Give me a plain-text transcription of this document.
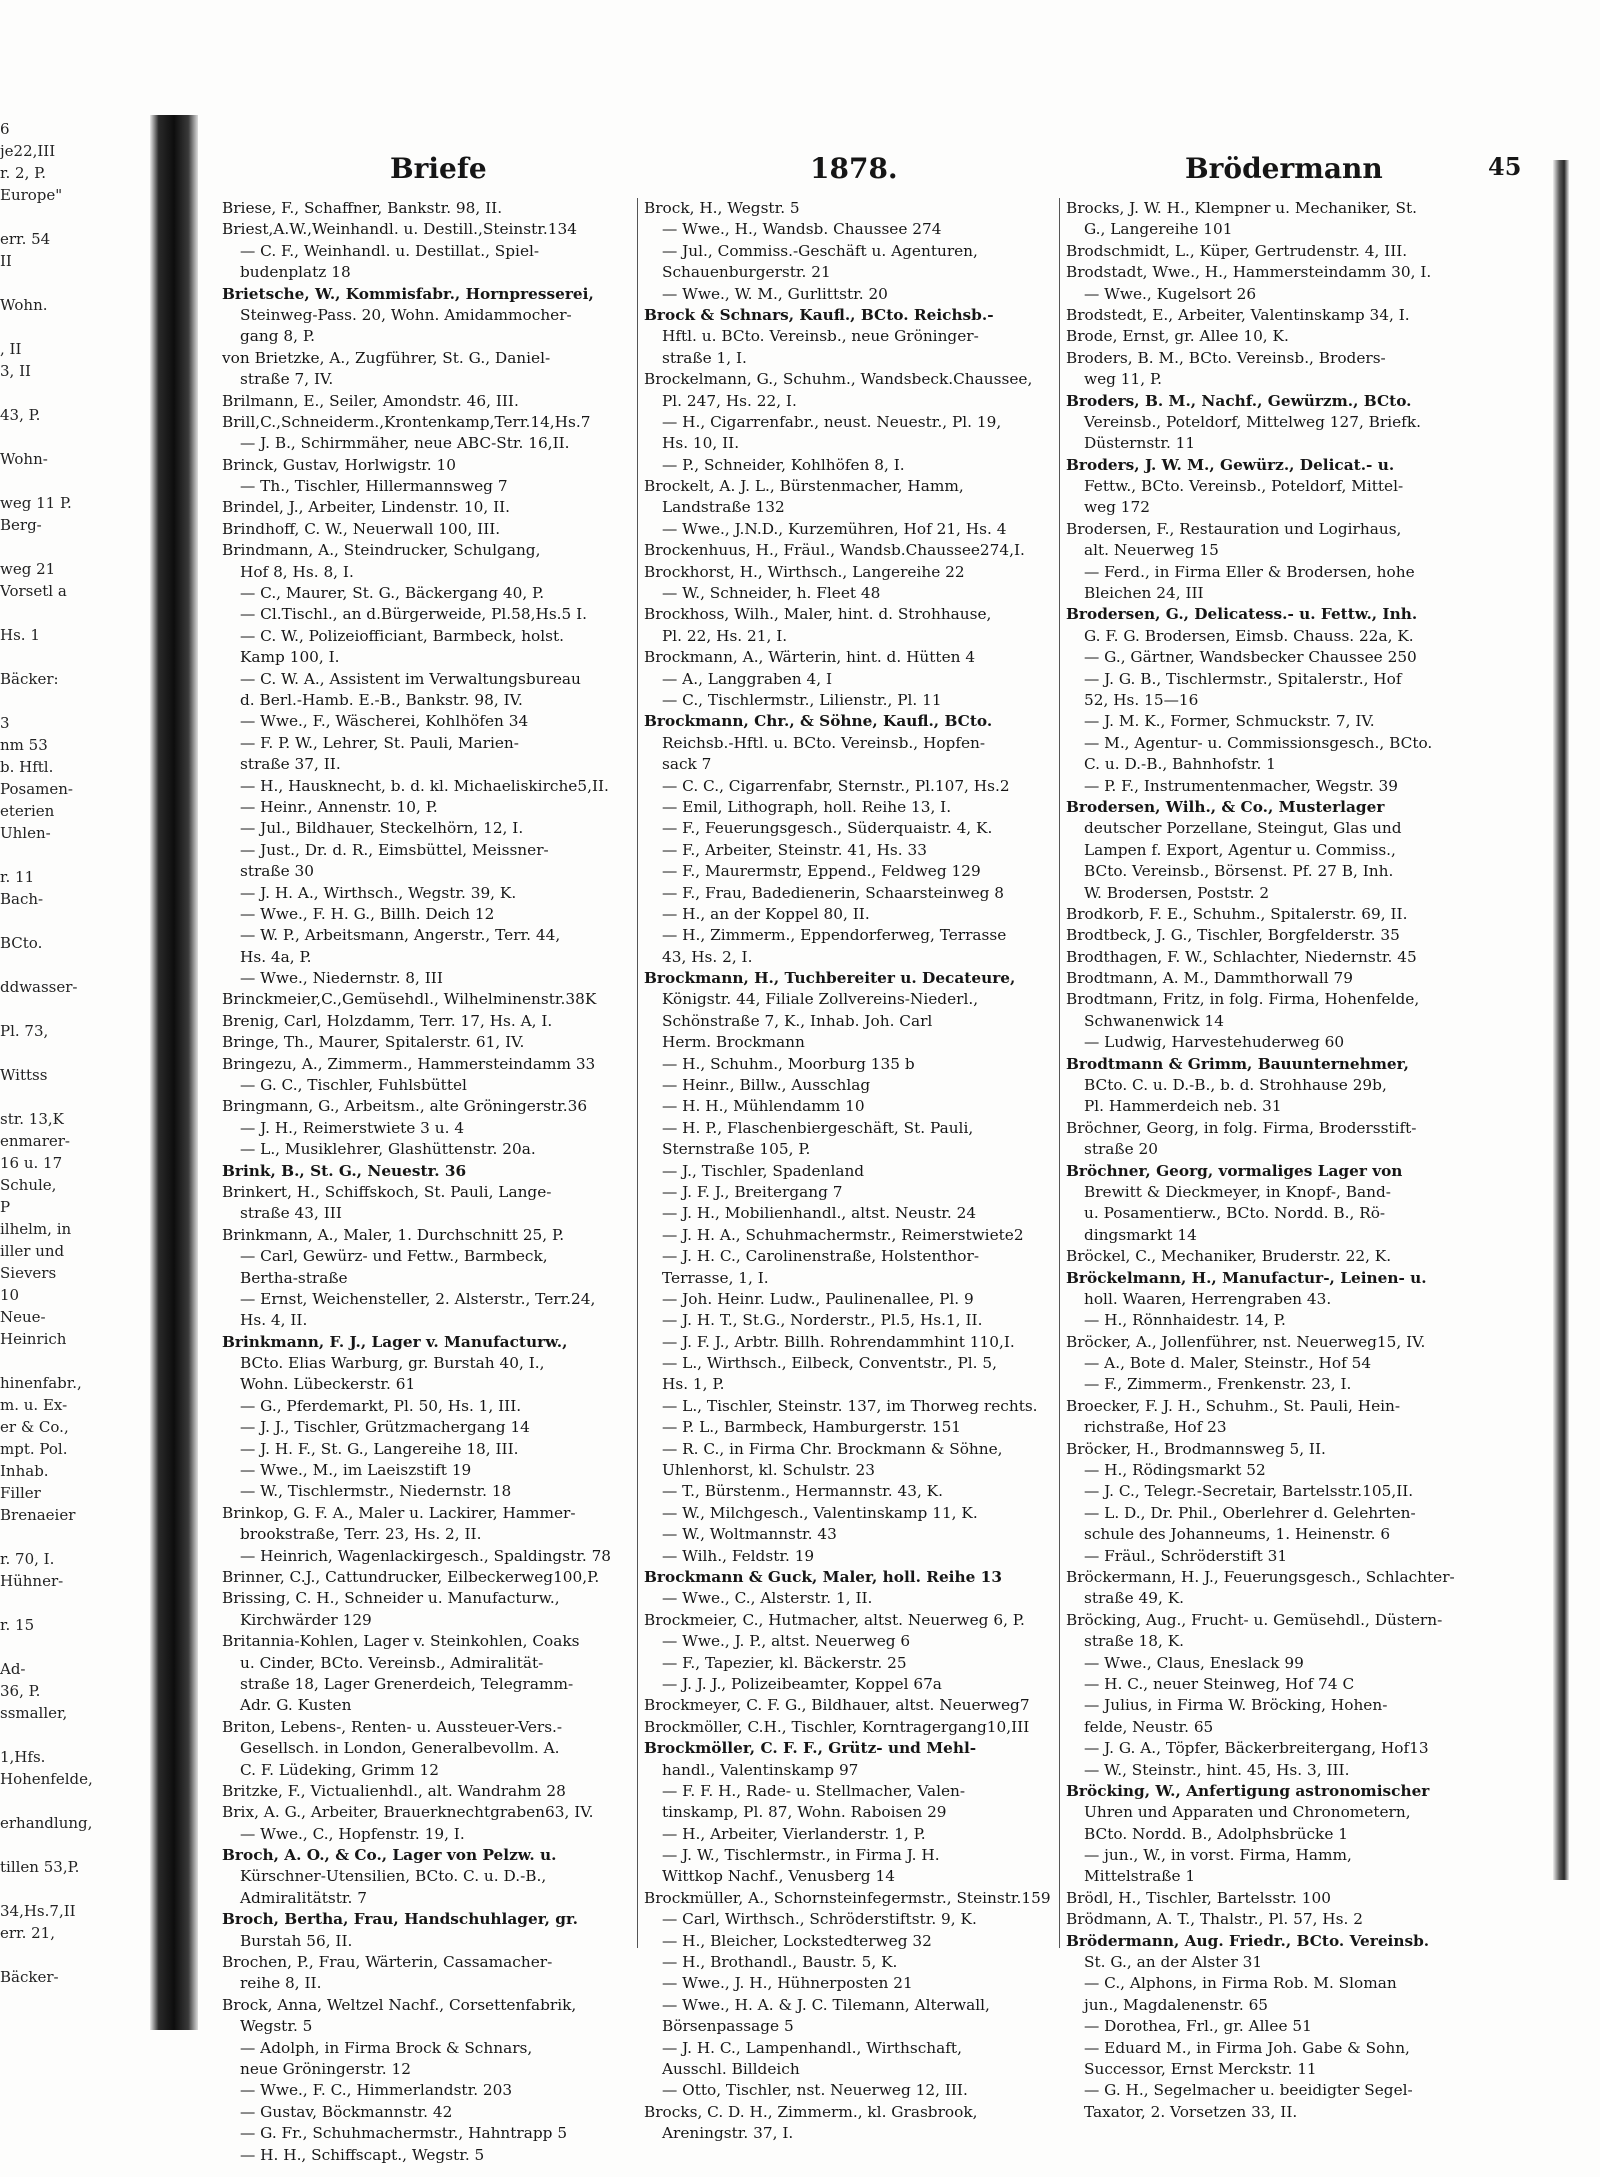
6
je22,III
r. 2, P.
Europe"
err. 54
II
Wohn.
, II
3, II
43, P.
Wohn-
weg 11 P.
Berg-
weg 21
Vorsetl a
Hs. 1
Bäcker:
3
nm 53
b. Hftl.
Posamen-
eterien
Uhlen-
r. 11
Bach-
BCto.
ddwasser-
Pl. 73,
Wittss
str. 13,K
enmarer-
16 u. 17
Schule,
P
ilhelm, in
iller und
Sievers
10
Neue-
Heinrich
hinenfabr.,
m. u. Ex-
er & Co.,
mpt. Pol.
Inhab.
Filler
Brenaeier
r. 70, I.
Hühner-
r. 15
Ad-
36, P.
ssmaller,
1,Hfs.
Hohenfelde,
erhandlung,
tillen 53,P.
34,Hs.7,II
err. 21,
Bäcker-
Briefe	1878.	Brödermann	45
Briese, F., Schaffner, Bankstr. 98, II.
Briest,A.W.,Weinhandl. u. Destill.,Steinstr.134
— C. F., Weinhandl. u. Destillat., Spiel-
budenplatz 18
Brietsche, W., Kommisfabr., Hornpresserei,
Steinweg-Pass. 20, Wohn. Amidammocher-
gang 8, P.
von Brietzke, A., Zugführer, St. G., Daniel-
straße 7, IV.
Brilmann, E., Seiler, Amondstr. 46, III.
Brill,C.,Schneiderm.,Krontenkamp,Terr.14,Hs.7
— J. B., Schirmmäher, neue ABC-Str. 16,II.
Brinck, Gustav, Horlwigstr. 10
— Th., Tischler, Hillermannsweg 7
Brindel, J., Arbeiter, Lindenstr. 10, II.
Brindhoff, C. W., Neuerwall 100, III.
Brindmann, A., Steindrucker, Schulgang,
Hof 8, Hs. 8, I.
— C., Maurer, St. G., Bäckergang 40, P.
— Cl.Tischl., an d.Bürgerweide, Pl.58,Hs.5 I.
— C. W., Polizeiofficiant, Barmbeck, holst.
Kamp 100, I.
— C. W. A., Assistent im Verwaltungsbureau
d. Berl.-Hamb. E.-B., Bankstr. 98, IV.
— Wwe., F., Wäscherei, Kohlhöfen 34
— F. P. W., Lehrer, St. Pauli, Marien-
straße 37, II.
— H., Hausknecht, b. d. kl. Michaeliskirche5,II.
— Heinr., Annenstr. 10, P.
— Jul., Bildhauer, Steckelhörn, 12, I.
— Just., Dr. d. R., Eimsbüttel, Meissner-
straße 30
— J. H. A., Wirthsch., Wegstr. 39, K.
— Wwe., F. H. G., Billh. Deich 12
— W. P., Arbeitsmann, Angerstr., Terr. 44,
Hs. 4a, P.
— Wwe., Niedernstr. 8, III
Brinckmeier,C.,Gemüsehdl., Wilhelminenstr.38K
Brenig, Carl, Holzdamm, Terr. 17, Hs. A, I.
Bringe, Th., Maurer, Spitalerstr. 61, IV.
Bringezu, A., Zimmerm., Hammersteindamm 33
— G. C., Tischler, Fuhlsbüttel
Bringmann, G., Arbeitsm., alte Gröningerstr.36
— J. H., Reimerstwiete 3 u. 4
— L., Musiklehrer, Glashüttenstr. 20a.
Brink, B., St. G., Neuestr. 36
Brinkert, H., Schiffskoch, St. Pauli, Lange-
straße 43, III
Brinkmann, A., Maler, 1. Durchschnitt 25, P.
— Carl, Gewürz- und Fettw., Barmbeck,
Bertha-straße
— Ernst, Weichensteller, 2. Alsterstr., Terr.24,
Hs. 4, II.
Brinkmann, F. J., Lager v. Manufacturw.,
BCto. Elias Warburg, gr. Burstah 40, I.,
Wohn. Lübeckerstr. 61
— G., Pferdemarkt, Pl. 50, Hs. 1, III.
— J. J., Tischler, Grützmachergang 14
— J. H. F., St. G., Langereihe 18, III.
— Wwe., M., im Laeiszstift 19
— W., Tischlermstr., Niedernstr. 18
Brinkop, G. F. A., Maler u. Lackirer, Hammer-
brookstraße, Terr. 23, Hs. 2, II.
— Heinrich, Wagenlackirgesch., Spaldingstr. 78
Brinner, C.J., Cattundrucker, Eilbeckerweg100,P.
Brissing, C. H., Schneider u. Manufacturw.,
Kirchwärder 129
Britannia-Kohlen, Lager v. Steinkohlen, Coaks
u. Cinder, BCto. Vereinsb., Admiralität-
straße 18, Lager Grenerdeich, Telegramm-
Adr. G. Kusten
Briton, Lebens-, Renten- u. Aussteuer-Vers.-
Gesellsch. in London, Generalbevollm. A.
C. F. Lüdeking, Grimm 12
Britzke, F., Victualienhdl., alt. Wandrahm 28
Brix, A. G., Arbeiter, Brauerknechtgraben63, IV.
— Wwe., C., Hopfenstr. 19, I.
Broch, A. O., & Co., Lager von Pelzw. u.
Kürschner-Utensilien, BCto. C. u. D.-B.,
Admiralitätstr. 7
Broch, Bertha, Frau, Handschuhlager, gr.
Burstah 56, II.
Brochen, P., Frau, Wärterin, Cassamacher-
reihe 8, II.
Brock, Anna, Weltzel Nachf., Corsettenfabrik,
Wegstr. 5
— Adolph, in Firma Brock & Schnars,
neue Gröningerstr. 12
— Wwe., F. C., Himmerlandstr. 203
— Gustav, Böckmannstr. 42
— G. Fr., Schuhmachermstr., Hahntrapp 5
— H. H., Schiffscapt., Wegstr. 5
Brock, H., Wegstr. 5
— Wwe., H., Wandsb. Chaussee 274
— Jul., Commiss.-Geschäft u. Agenturen,
Schauenburgerstr. 21
— Wwe., W. M., Gurlittstr. 20
Brock & Schnars, Kaufl., BCto. Reichsb.-
Hftl. u. BCto. Vereinsb., neue Gröninger-
straße 1, I.
Brockelmann, G., Schuhm., Wandsbeck.Chaussee,
Pl. 247, Hs. 22, I.
— H., Cigarrenfabr., neust. Neuestr., Pl. 19,
Hs. 10, II.
— P., Schneider, Kohlhöfen 8, I.
Brockelt, A. J. L., Bürstenmacher, Hamm,
Landstraße 132
— Wwe., J.N.D., Kurzemühren, Hof 21, Hs. 4
Brockenhuus, H., Fräul., Wandsb.Chaussee274,I.
Brockhorst, H., Wirthsch., Langereihe 22
— W., Schneider, h. Fleet 48
Brockhoss, Wilh., Maler, hint. d. Strohhause,
Pl. 22, Hs. 21, I.
Brockmann, A., Wärterin, hint. d. Hütten 4
— A., Langgraben 4, I
— C., Tischlermstr., Lilienstr., Pl. 11
Brockmann, Chr., & Söhne, Kaufl., BCto.
Reichsb.-Hftl. u. BCto. Vereinsb., Hopfen-
sack 7
— C. C., Cigarrenfabr, Sternstr., Pl.107, Hs.2
— Emil, Lithograph, holl. Reihe 13, I.
— F., Feuerungsgesch., Süderquaistr. 4, K.
— F., Arbeiter, Steinstr. 41, Hs. 33
— F., Maurermstr, Eppend., Feldweg 129
— F., Frau, Badedienerin, Schaarsteinweg 8
— H., an der Koppel 80, II.
— H., Zimmerm., Eppendorferweg, Terrasse
43, Hs. 2, I.
Brockmann, H., Tuchbereiter u. Decateure,
Königstr. 44, Filiale Zollvereins-Niederl.,
Schönstraße 7, K., Inhab. Joh. Carl
Herm. Brockmann
— H., Schuhm., Moorburg 135 b
— Heinr., Billw., Ausschlag
— H. H., Mühlendamm 10
— H. P., Flaschenbiergeschäft, St. Pauli,
Sternstraße 105, P.
— J., Tischler, Spadenland
— J. F. J., Breitergang 7
— J. H., Mobilienhandl., altst. Neustr. 24
— J. H. A., Schuhmachermstr., Reimerstwiete2
— J. H. C., Carolinenstraße, Holstenthor-
Terrasse, 1, I.
— Joh. Heinr. Ludw., Paulinenallee, Pl. 9
— J. H. T., St.G., Norderstr., Pl.5, Hs.1, II.
— J. F. J., Arbtr. Billh. Rohrendammhint 110,I.
— L., Wirthsch., Eilbeck, Conventstr., Pl. 5,
Hs. 1, P.
— L., Tischler, Steinstr. 137, im Thorweg rechts.
— P. L., Barmbeck, Hamburgerstr. 151
— R. C., in Firma Chr. Brockmann & Söhne,
Uhlenhorst, kl. Schulstr. 23
— T., Bürstenm., Hermannstr. 43, K.
— W., Milchgesch., Valentinskamp 11, K.
— W., Woltmannstr. 43
— Wilh., Feldstr. 19
Brockmann & Guck, Maler, holl. Reihe 13
— Wwe., C., Alsterstr. 1, II.
Brockmeier, C., Hutmacher, altst. Neuerweg 6, P.
— Wwe., J. P., altst. Neuerweg 6
— F., Tapezier, kl. Bäckerstr. 25
— J. J. J., Polizeibeamter, Koppel 67a
Brockmeyer, C. F. G., Bildhauer, altst. Neuerweg7
Brockmöller, C.H., Tischler, Korntragergang10,III
Brockmöller, C. F. F., Grütz- und Mehl-
handl., Valentinskamp 97
— F. F. H., Rade- u. Stellmacher, Valen-
tinskamp, Pl. 87, Wohn. Raboisen 29
— H., Arbeiter, Vierlanderstr. 1, P.
— J. W., Tischlermstr., in Firma J. H.
Wittkop Nachf., Venusberg 14
Brockmüller, A., Schornsteinfegermstr., Steinstr.159
— Carl, Wirthsch., Schröderstiftstr. 9, K.
— H., Bleicher, Lockstedterweg 32
— H., Brothandl., Baustr. 5, K.
— Wwe., J. H., Hühnerposten 21
— Wwe., H. A. & J. C. Tilemann, Alterwall,
Börsenpassage 5
— J. H. C., Lampenhandl., Wirthschaft,
Ausschl. Billdeich
— Otto, Tischler, nst. Neuerweg 12, III.
Brocks, C. D. H., Zimmerm., kl. Grasbrook,
Areningstr. 37, I.
Brocks, J. W. H., Klempner u. Mechaniker, St.
G., Langereihe 101
Brodschmidt, L., Küper, Gertrudenstr. 4, III.
Brodstadt, Wwe., H., Hammersteindamm 30, I.
— Wwe., Kugelsort 26
Brodstedt, E., Arbeiter, Valentinskamp 34, I.
Brode, Ernst, gr. Allee 10, K.
Broders, B. M., BCto. Vereinsb., Broders-
weg 11, P.
Broders, B. M., Nachf., Gewürzm., BCto.
Vereinsb., Poteldorf, Mittelweg 127, Briefk.
Düsternstr. 11
Broders, J. W. M., Gewürz., Delicat.- u.
Fettw., BCto. Vereinsb., Poteldorf, Mittel-
weg 172
Brodersen, F., Restauration und Logirhaus,
alt. Neuerweg 15
— Ferd., in Firma Eller & Brodersen, hohe
Bleichen 24, III
Brodersen, G., Delicatess.- u. Fettw., Inh.
G. F. G. Brodersen, Eimsb. Chauss. 22a, K.
— G., Gärtner, Wandsbecker Chaussee 250
— J. G. B., Tischlermstr., Spitalerstr., Hof
52, Hs. 15—16
— J. M. K., Former, Schmuckstr. 7, IV.
— M., Agentur- u. Commissionsgesch., BCto.
C. u. D.-B., Bahnhofstr. 1
— P. F., Instrumentenmacher, Wegstr. 39
Brodersen, Wilh., & Co., Musterlager
deutscher Porzellane, Steingut, Glas und
Lampen f. Export, Agentur u. Commiss.,
BCto. Vereinsb., Börsenst. Pf. 27 B, Inh.
W. Brodersen, Poststr. 2
Brodkorb, F. E., Schuhm., Spitalerstr. 69, II.
Brodtbeck, J. G., Tischler, Borgfelderstr. 35
Brodthagen, F. W., Schlachter, Niedernstr. 45
Brodtmann, A. M., Dammthorwall 79
Brodtmann, Fritz, in folg. Firma, Hohenfelde,
Schwanenwick 14
— Ludwig, Harvestehuderweg 60
Brodtmann & Grimm, Bauunternehmer,
BCto. C. u. D.-B., b. d. Strohhause 29b,
Pl. Hammerdeich neb. 31
Bröchner, Georg, in folg. Firma, Brodersstift-
straße 20
Bröchner, Georg, vormaliges Lager von
Brewitt & Dieckmeyer, in Knopf-, Band-
u. Posamentierw., BCto. Nordd. B., Rö-
dingsmarkt 14
Bröckel, C., Mechaniker, Bruderstr. 22, K.
Bröckelmann, H., Manufactur-, Leinen- u.
holl. Waaren, Herrengraben 43.
— H., Rönnhaidestr. 14, P.
Bröcker, A., Jollenführer, nst. Neuerweg15, IV.
— A., Bote d. Maler, Steinstr., Hof 54
— F., Zimmerm., Frenkenstr. 23, I.
Broecker, F. J. H., Schuhm., St. Pauli, Hein-
richstraße, Hof 23
Bröcker, H., Brodmannsweg 5, II.
— H., Rödingsmarkt 52
— J. C., Telegr.-Secretair, Bartelsstr.105,II.
— L. D., Dr. Phil., Oberlehrer d. Gelehrten-
schule des Johanneums, 1. Heinenstr. 6
— Fräul., Schröderstift 31
Bröckermann, H. J., Feuerungsgesch., Schlachter-
straße 49, K.
Bröcking, Aug., Frucht- u. Gemüsehdl., Düstern-
straße 18, K.
— Wwe., Claus, Eneslack 99
— H. C., neuer Steinweg, Hof 74 C
— Julius, in Firma W. Bröcking, Hohen-
felde, Neustr. 65
— J. G. A., Töpfer, Bäckerbreitergang, Hof13
— W., Steinstr., hint. 45, Hs. 3, III.
Bröcking, W., Anfertigung astronomischer
Uhren und Apparaten und Chronometern,
BCto. Nordd. B., Adolphsbrücke 1
— jun., W., in vorst. Firma, Hamm,
Mittelstraße 1
Brödl, H., Tischler, Bartelsstr. 100
Brödmann, A. T., Thalstr., Pl. 57, Hs. 2
Brödermann, Aug. Friedr., BCto. Vereinsb.
St. G., an der Alster 31
— C., Alphons, in Firma Rob. M. Sloman
jun., Magdalenenstr. 65
— Dorothea, Frl., gr. Allee 51
— Eduard M., in Firma Joh. Gabe & Sohn,
Successor, Ernst Merckstr. 11
— G. H., Segelmacher u. beeidigter Segel-
Taxator, 2. Vorsetzen 33, II.
